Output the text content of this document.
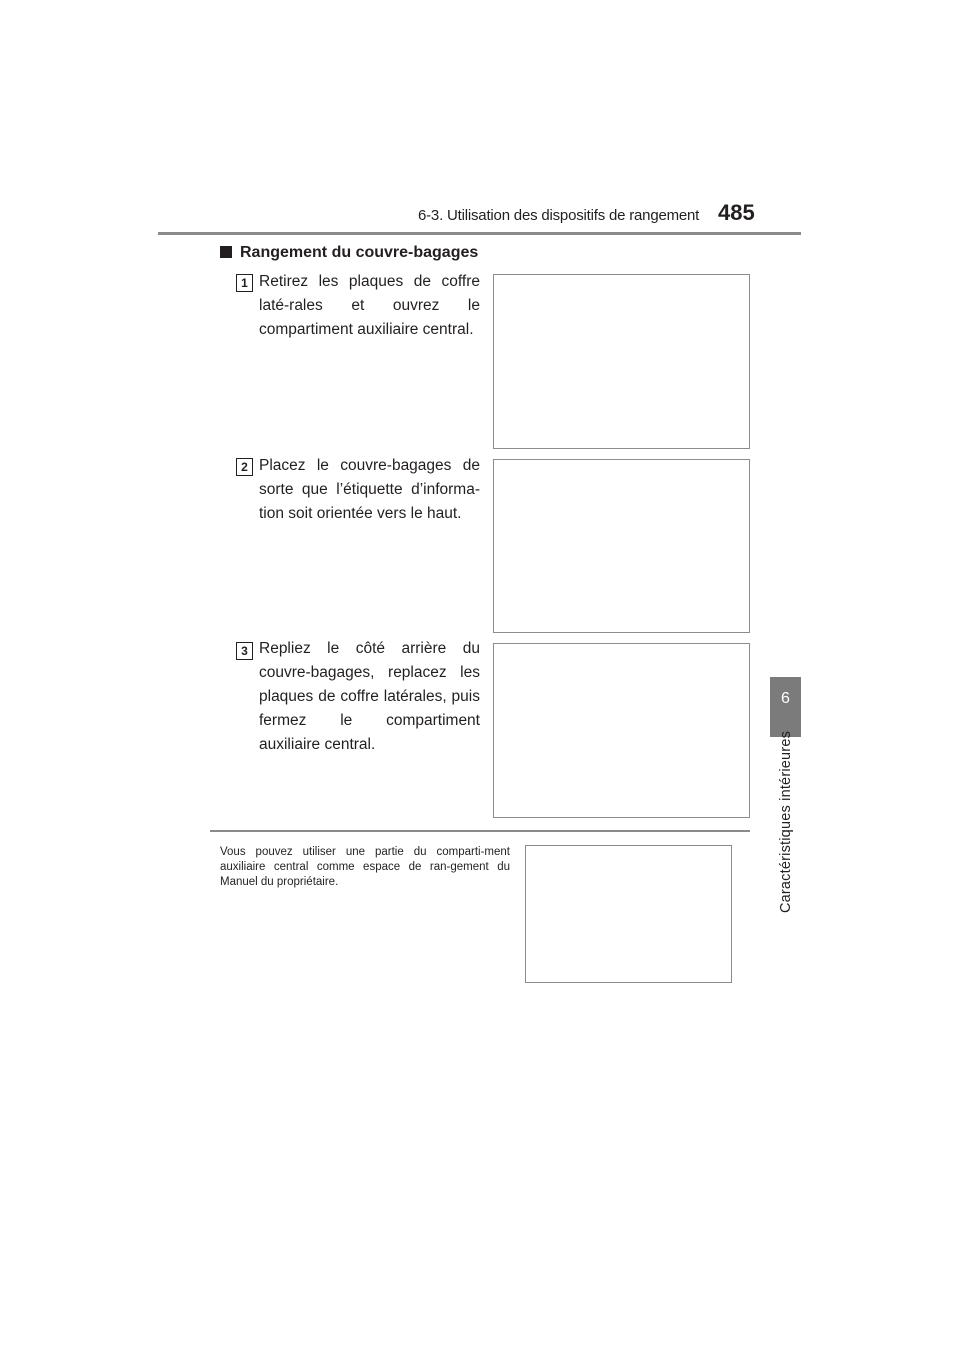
6-3. Utilisation des dispositifs de rangement 485
6
Caractéristiques intérieures
Rangement du couvre-bagages
1 Retirez les plaques de coffre laté-rales et ouvrez le compartiment auxiliaire central.
2 Placez le couvre-bagages de sorte que l’étiquette d’informa-tion soit orientée vers le haut.
3 Repliez le côté arrière du couvre-bagages, replacez les plaques de coffre latérales, puis fermez le compartiment auxiliaire central.
Vous pouvez utiliser une partie du comparti-ment auxiliaire central comme espace de ran-gement du Manuel du propriétaire.
